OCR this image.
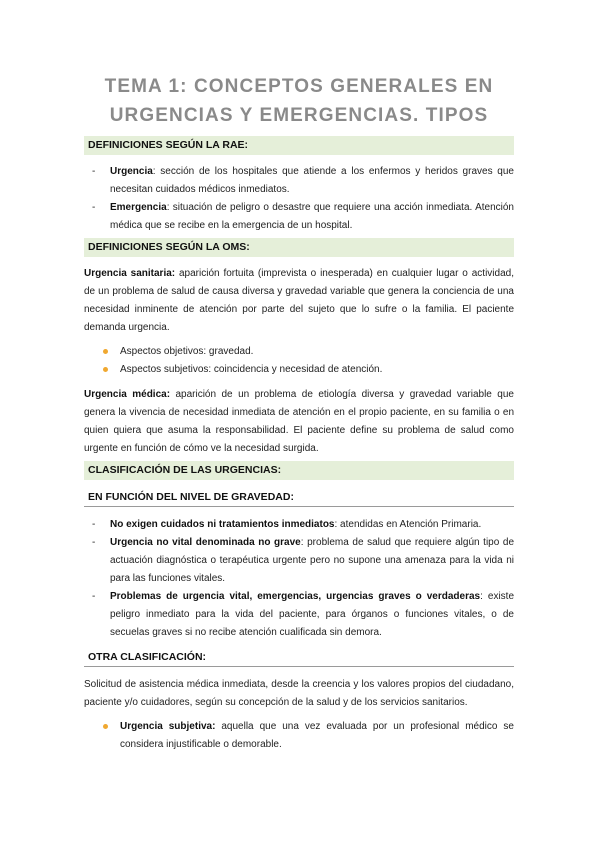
TEMA 1: CONCEPTOS GENERALES EN
URGENCIAS Y EMERGENCIAS. TIPOS
DEFINICIONES SEGÚN LA RAE:
- Urgencia: sección de los hospitales que atiende a los enfermos y heridos graves que necesitan cuidados médicos inmediatos.
- Emergencia: situación de peligro o desastre que requiere una acción inmediata. Atención médica que se recibe en la emergencia de un hospital.
DEFINICIONES SEGÚN LA OMS:

Urgencia sanitaria: aparición fortuita (imprevista o inesperada) en cualquier lugar o actividad, de un problema de salud de causa diversa y gravedad variable que genera la conciencia de una necesidad inminente de atención por parte del sujeto que lo sufre o la familia. El paciente demanda urgencia.

Aspectos objetivos: gravedad.
Aspectos subjetivos: coincidencia y necesidad de atención.

Urgencia médica: aparición de un problema de etiología diversa y gravedad variable que genera la vivencia de necesidad inmediata de atención en el propio paciente, en su familia o en quien quiera que asuma la responsabilidad. El paciente define su problema de salud como urgente en función de cómo ve la necesidad surgida.

CLASIFICACIÓN DE LAS URGENCIAS:
EN FUNCIÓN DEL NIVEL DE GRAVEDAD:
- No exigen cuidados ni tratamientos inmediatos: atendidas en Atención Primaria.
- Urgencia no vital denominada no grave: problema de salud que requiere algún tipo de actuación diagnóstica o terapéutica urgente pero no supone una amenaza para la vida ni para las funciones vitales.
- Problemas de urgencia vital, emergencias, urgencias graves o verdaderas: existe peligro inmediato para la vida del paciente, para órganos o funciones vitales, o de secuelas graves si no recibe atención cualificada sin demora.
OTRA CLASIFICACIÓN:

Solicitud de asistencia médica inmediata, desde la creencia y los valores propios del ciudadano, paciente y/o cuidadores, según su concepción de la salud y de los servicios sanitarios.

Urgencia subjetiva: aquella que una vez evaluada por un profesional médico se considera injustificable o demorable.
